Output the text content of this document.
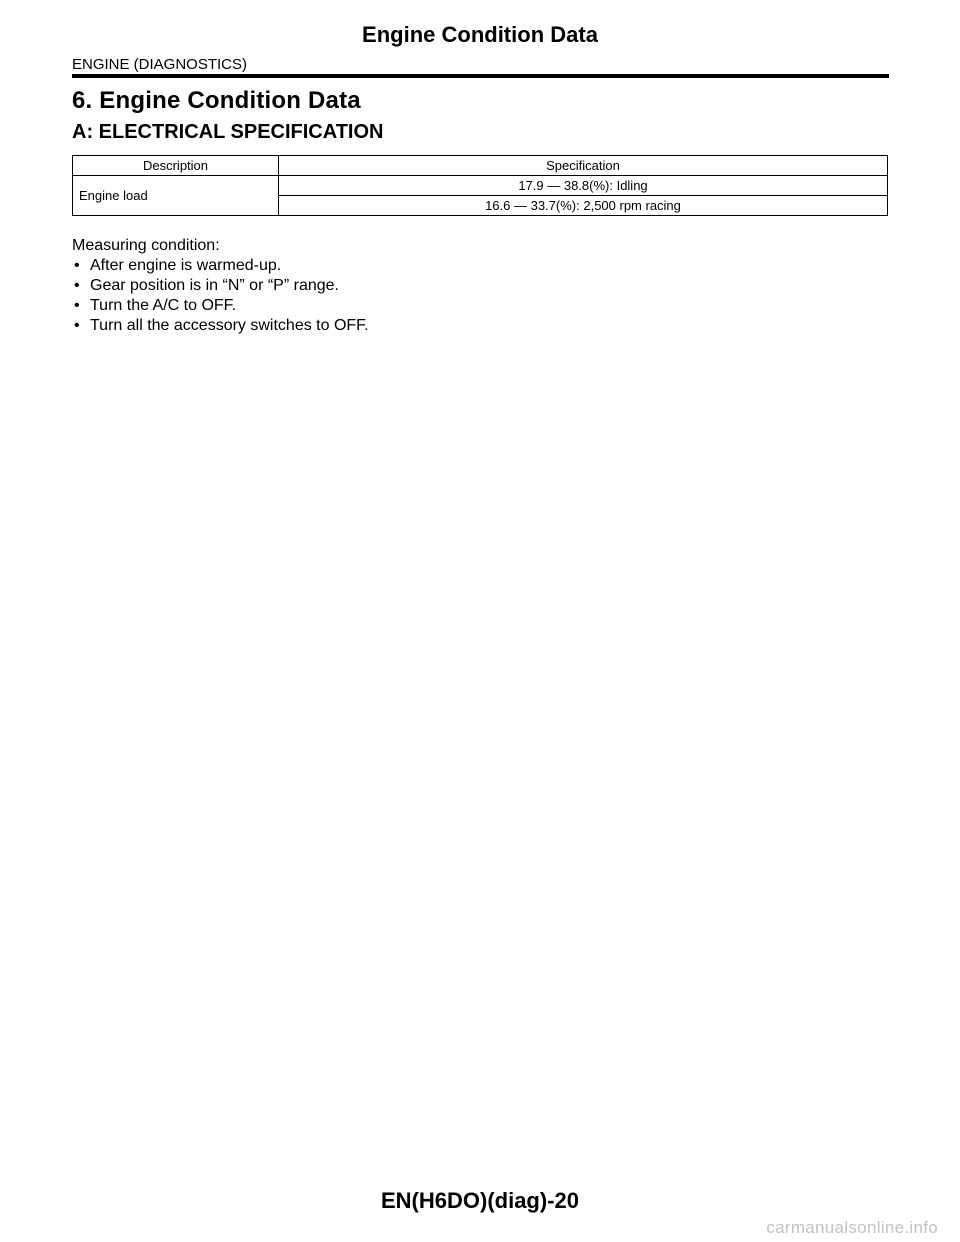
Engine Condition Data
ENGINE (DIAGNOSTICS)
6. Engine Condition Data
A: ELECTRICAL SPECIFICATION
Description	Specification
Engine load	17.9 — 38.8(%): Idling
	16.6 — 33.7(%): 2,500 rpm racing
Measuring condition:
• After engine is warmed-up.
• Gear position is in “N” or “P” range.
• Turn the A/C to OFF.
• Turn all the accessory switches to OFF.
EN(H6DO)(diag)-20
carmanualsonline.info
